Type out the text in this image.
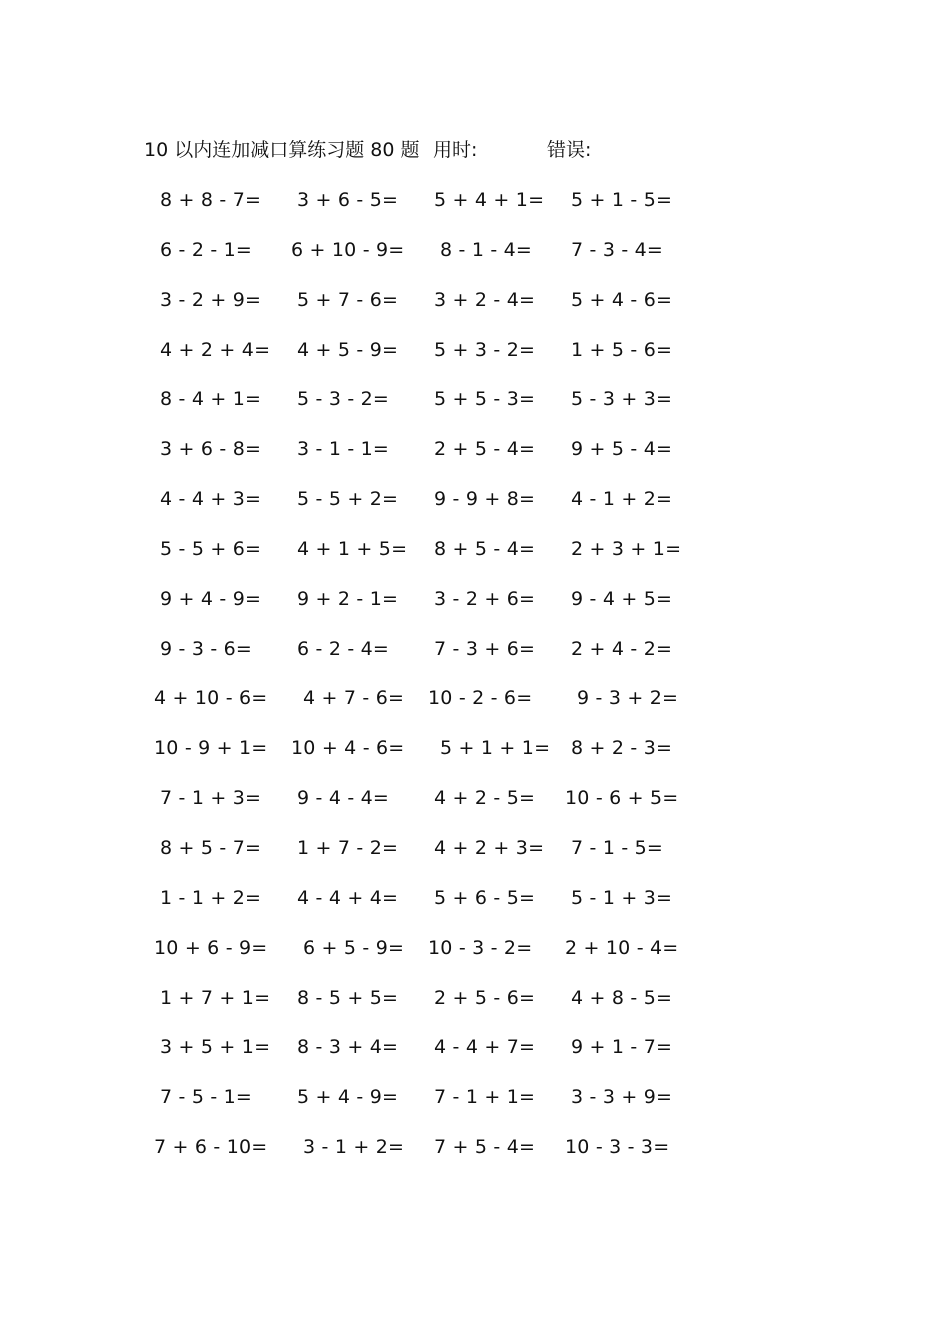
10 以内连加减口算练习题 80 题 用时:	错误:
8 + 8 - 7= 3 + 6 - 5= 5 + 4 + 1= 5 + 1 - 5=
6 - 2 - 1= 6 + 10 - 9= 8 - 1 - 4= 7 - 3 - 4=
3 - 2 + 9= 5 + 7 - 6= 3 + 2 - 4= 5 + 4 - 6=
4 + 2 + 4= 4 + 5 - 9= 5 + 3 - 2= 1 + 5 - 6=
8 - 4 + 1= 5 - 3 - 2= 5 + 5 - 3= 5 - 3 + 3=
3 + 6 - 8= 3 - 1 - 1= 2 + 5 - 4= 9 + 5 - 4=
4 - 4 + 3= 5 - 5 + 2= 9 - 9 + 8= 4 - 1 + 2=
5 - 5 + 6= 4 + 1 + 5= 8 + 5 - 4= 2 + 3 + 1=
9 + 4 - 9= 9 + 2 - 1= 3 - 2 + 6= 9 - 4 + 5=
9 - 3 - 6= 6 - 2 - 4= 7 - 3 + 6= 2 + 4 - 2=
4 + 10 - 6= 4 + 7 - 6= 10 - 2 - 6= 9 - 3 + 2=
10 - 9 + 1= 10 + 4 - 6= 5 + 1 + 1= 8 + 2 - 3=
7 - 1 + 3= 9 - 4 - 4= 4 + 2 - 5= 10 - 6 + 5=
8 + 5 - 7= 1 + 7 - 2= 4 + 2 + 3= 7 - 1 - 5=
1 - 1 + 2= 4 - 4 + 4= 5 + 6 - 5= 5 - 1 + 3=
10 + 6 - 9= 6 + 5 - 9= 10 - 3 - 2= 2 + 10 - 4=
1 + 7 + 1= 8 - 5 + 5= 2 + 5 - 6= 4 + 8 - 5=
3 + 5 + 1= 8 - 3 + 4= 4 - 4 + 7= 9 + 1 - 7=
7 - 5 - 1= 5 + 4 - 9= 7 - 1 + 1= 3 - 3 + 9=
7 + 6 - 10= 3 - 1 + 2= 7 + 5 - 4= 10 - 3 - 3=
